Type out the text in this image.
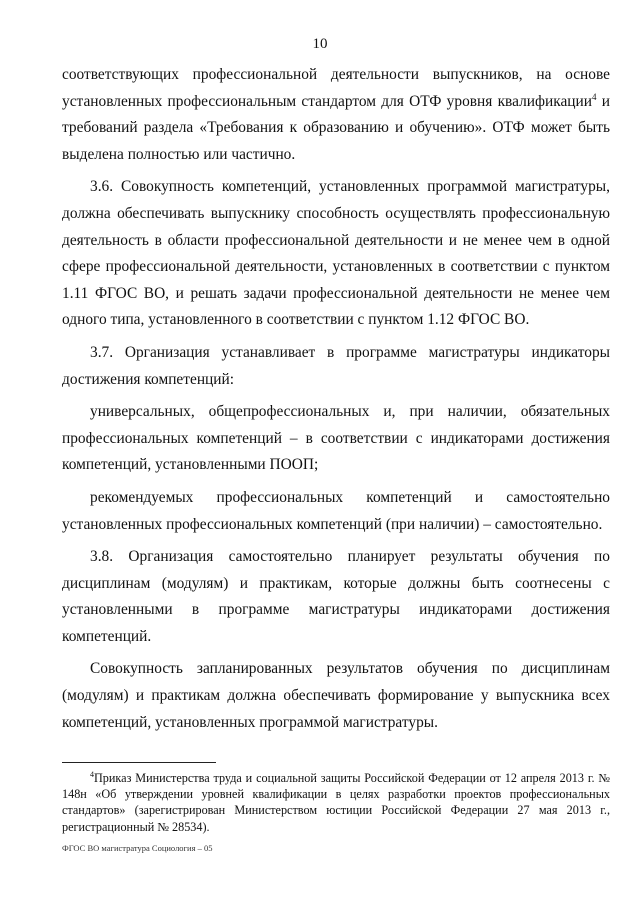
10

соответствующих профессиональной деятельности выпускников, на основе установленных профессиональным стандартом для ОТФ уровня квалификации$^4$ и требований раздела «Требования к образованию и обучению». ОТФ может быть выделена полностью или частично.

3.6. Совокупность компетенций, установленных программой магистратуры, должна обеспечивать выпускнику способность осуществлять профессиональную деятельность в области профессиональной деятельности и не менее чем в одной сфере профессиональной деятельности, установленных в соответствии с пунктом 1.11 ФГОС ВО, и решать задачи профессиональной деятельности не менее чем одного типа, установленного в соответствии с пунктом 1.12 ФГОС ВО.

3.7. Организация устанавливает в программе магистратуры индикаторы достижения компетенций:

универсальных, общепрофессиональных и, при наличии, обязательных профессиональных компетенций – в соответствии с индикаторами достижения компетенций, установленными ПООП;

рекомендуемых профессиональных компетенций и самостоятельно установленных профессиональных компетенций (при наличии) – самостоятельно.

3.8. Организация самостоятельно планирует результаты обучения по дисциплинам (модулям) и практикам, которые должны быть соотнесены с установленными в программе магистратуры индикаторами достижения компетенций.

Совокупность запланированных результатов обучения по дисциплинам (модулям) и практикам должна обеспечивать формирование у выпускника всех компетенций, установленных программой магистратуры.

$^4$Приказ Министерства труда и социальной защиты Российской Федерации от 12 апреля 2013 г. № 148н «Об утверждении уровней квалификации в целях разработки проектов профессиональных стандартов» (зарегистрирован Министерством юстиции Российской Федерации 27 мая 2013 г., регистрационный № 28534).
ФГОС ВО магистратура Социология – 05
